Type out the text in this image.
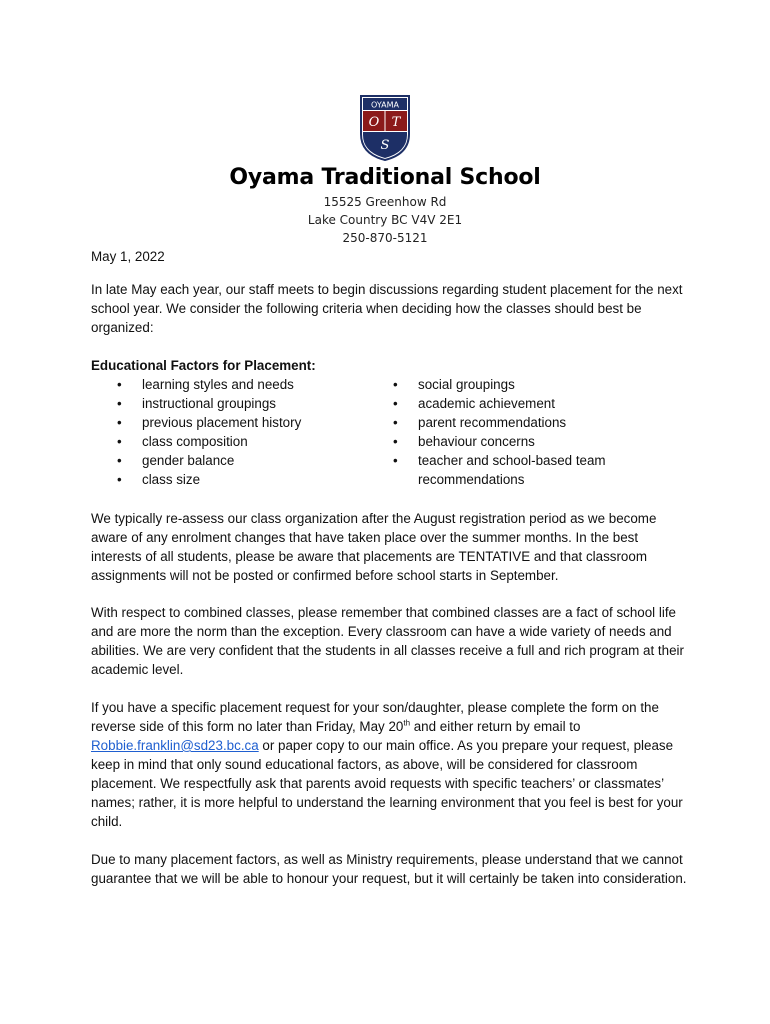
OYAMA
O T
S
Oyama Traditional School
15525 Greenhow Rd
Lake Country BC V4V 2E1
250-870-5121

May 1, 2022

In late May each year, our staff meets to begin discussions regarding student placement for the next school year. We consider the following criteria when deciding how the classes should best be organized:

Educational Factors for Placement:
• learning styles and needs
• instructional groupings
• previous placement history
• class composition
• gender balance
• class size
• social groupings
• academic achievement
• parent recommendations
• behaviour concerns
• teacher and school-based team recommendations

We typically re-assess our class organization after the August registration period as we become aware of any enrolment changes that have taken place over the summer months. In the best interests of all students, please be aware that placements are TENTATIVE and that classroom assignments will not be posted or confirmed before school starts in September.

With respect to combined classes, please remember that combined classes are a fact of school life and are more the norm than the exception. Every classroom can have a wide variety of needs and abilities. We are very confident that the students in all classes receive a full and rich program at their academic level.

If you have a specific placement request for your son/daughter, please complete the form on the reverse side of this form no later than Friday, May 20th and either return by email to Robbie.franklin@sd23.bc.ca or paper copy to our main office. As you prepare your request, please keep in mind that only sound educational factors, as above, will be considered for classroom placement. We respectfully ask that parents avoid requests with specific teachers’ or classmates’ names; rather, it is more helpful to understand the learning environment that you feel is best for your child.

Due to many placement factors, as well as Ministry requirements, please understand that we cannot guarantee that we will be able to honour your request, but it will certainly be taken into consideration.
